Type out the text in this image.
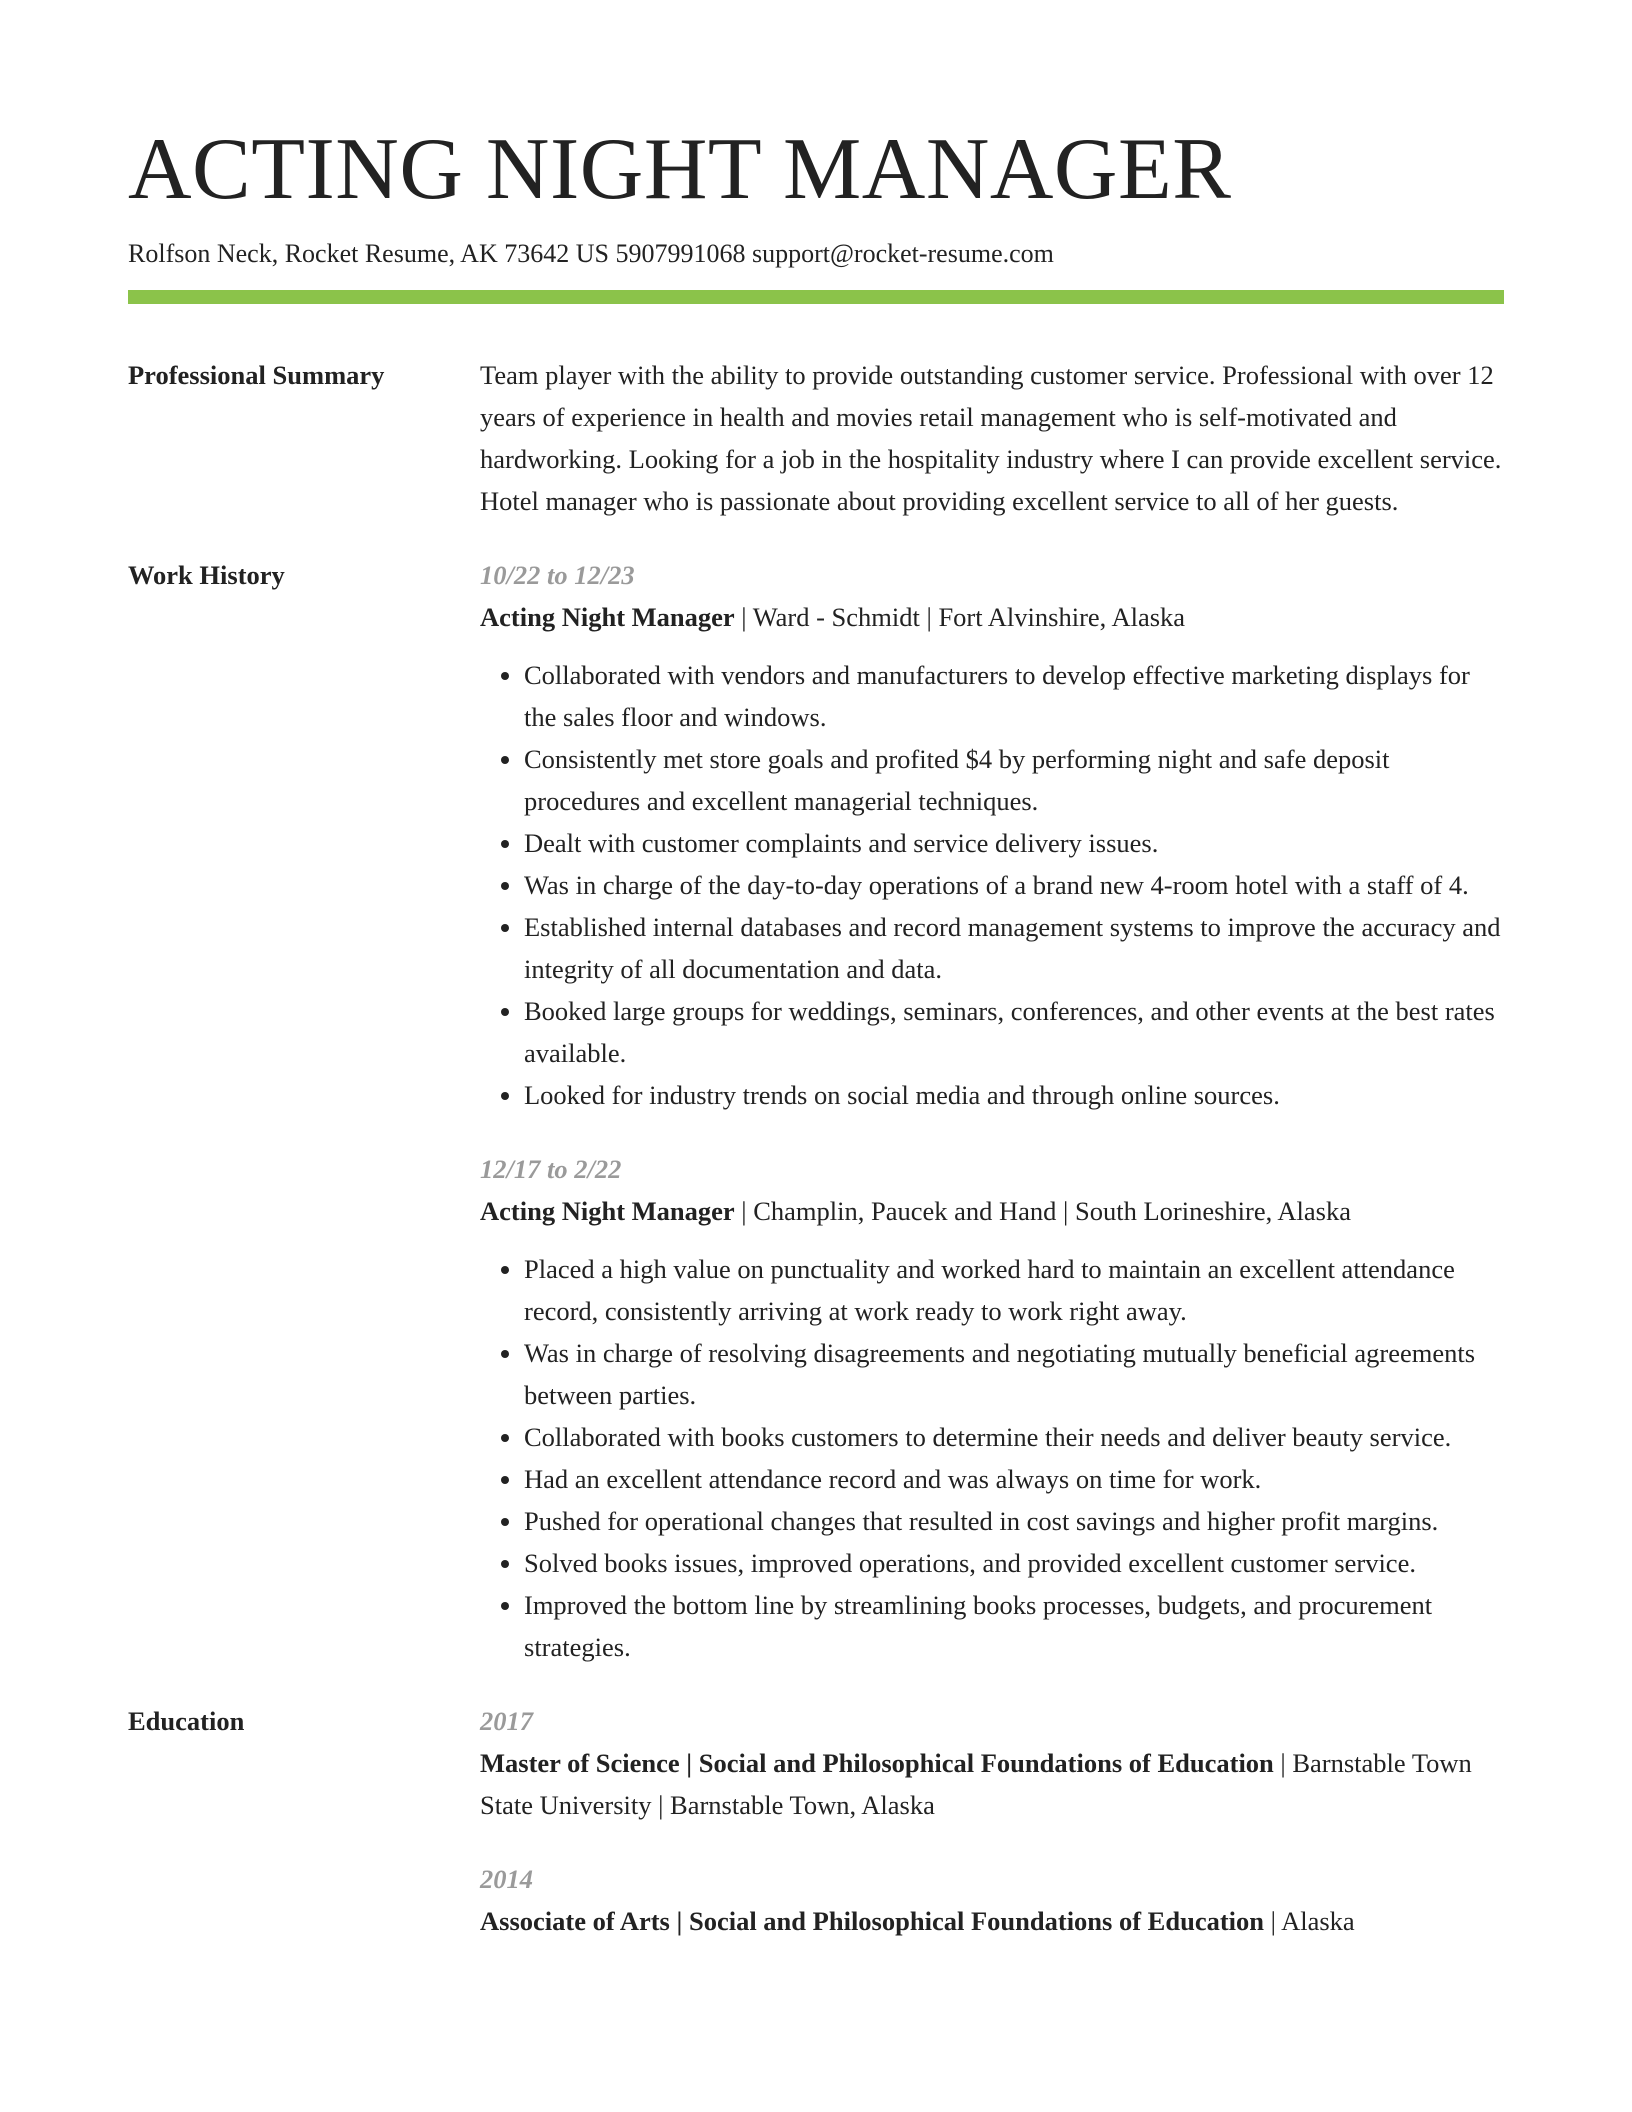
ACTING NIGHT MANAGER
Rolfson Neck, Rocket Resume, AK 73642 US 5907991068 support@rocket-resume.com
Professional Summary	Team player with the ability to provide outstanding customer service. Professional with over 12 years of experience in health and movies retail management who is self-motivated and hardworking. Looking for a job in the hospitality industry where I can provide excellent service. Hotel manager who is passionate about providing excellent service to all of her guests.

Work History	10/22 to 12/23

Acting Night Manager | Ward - Schmidt | Fort Alvinshire, Alaska

• Collaborated with vendors and manufacturers to develop effective marketing displays for the sales floor and windows.
• Consistently met store goals and profited $4 by performing night and safe deposit procedures and excellent managerial techniques.
• Dealt with customer complaints and service delivery issues.
• Was in charge of the day-to-day operations of a brand new 4-room hotel with a staff of 4.
• Established internal databases and record management systems to improve the accuracy and integrity of all documentation and data.
• Booked large groups for weddings, seminars, conferences, and other events at the best rates available.
• Looked for industry trends on social media and through online sources.
12/17 to 2/22

Acting Night Manager | Champlin, Paucek and Hand | South Lorineshire, Alaska

• Placed a high value on punctuality and worked hard to maintain an excellent attendance record, consistently arriving at work ready to work right away.
• Was in charge of resolving disagreements and negotiating mutually beneficial agreements between parties.
• Collaborated with books customers to determine their needs and deliver beauty service.
• Had an excellent attendance record and was always on time for work.
• Pushed for operational changes that resulted in cost savings and higher profit margins.
• Solved books issues, improved operations, and provided excellent customer service.
• Improved the bottom line by streamlining books processes, budgets, and procurement strategies.
Education	2017

Master of Science | Social and Philosophical Foundations of Education | Barnstable Town State University | Barnstable Town, Alaska

2014

Associate of Arts | Social and Philosophical Foundations of Education | Alaska
